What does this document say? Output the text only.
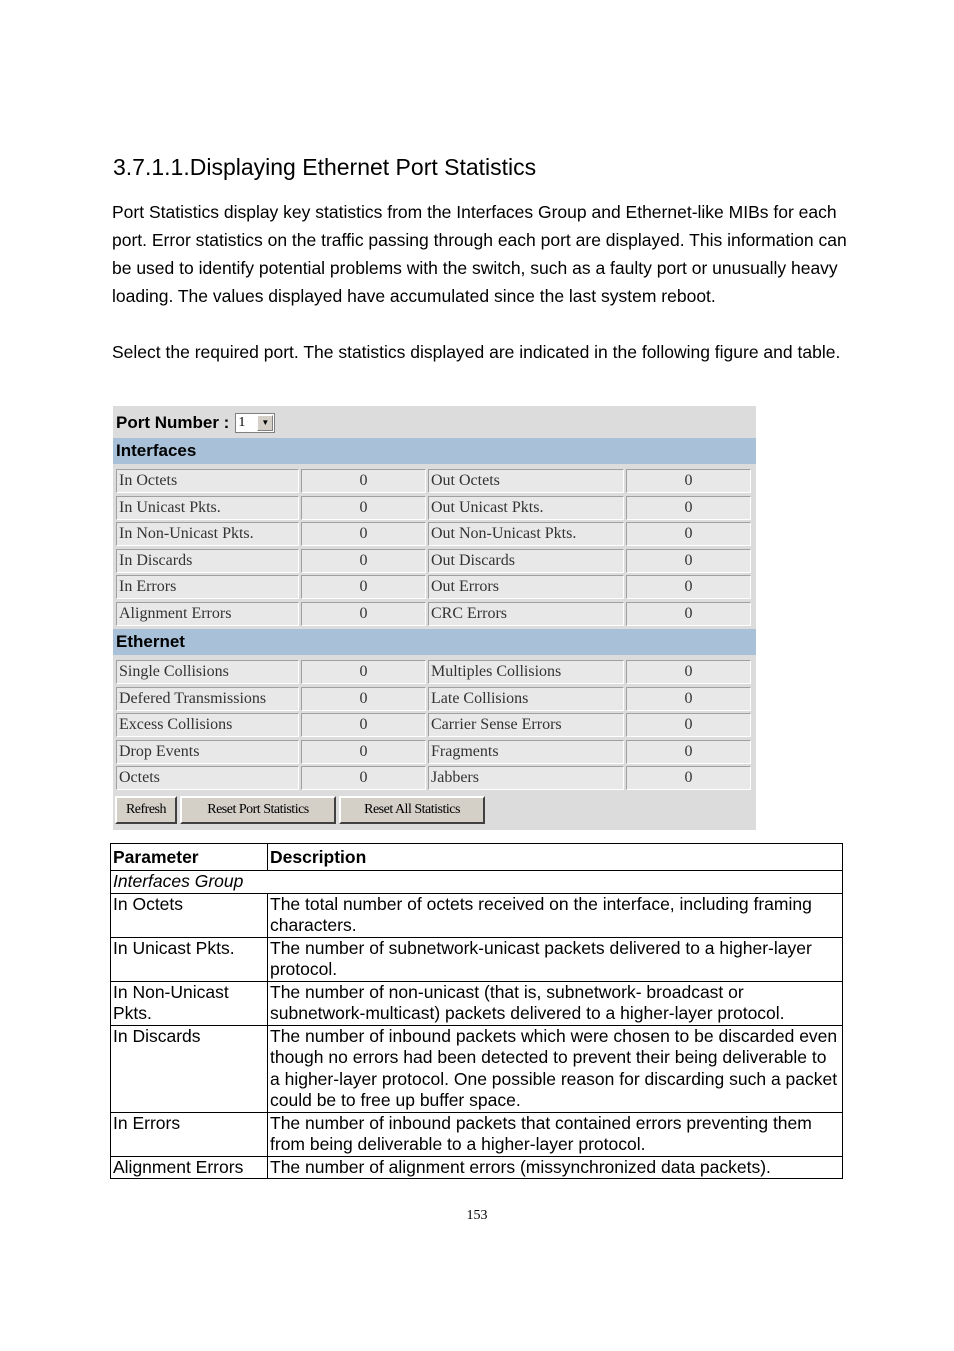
3.7.1.1.Displaying Ethernet Port Statistics

Port Statistics display key statistics from the Interfaces Group and Ethernet-like MIBs for each port. Error statistics on the traffic passing through each port are displayed. This information can be used to identify potential problems with the switch, such as a faulty port or unusually heavy loading. The values displayed have accumulated since the last system reboot.

Select the required port. The statistics displayed are indicated in the following figure and table.

Port Number : 1	▼
Interfaces
In Octets	0	Out Octets	0
In Unicast Pkts.	0	Out Unicast Pkts.	0
In Non-Unicast Pkts.	0	Out Non-Unicast Pkts.	0
In Discards	0	Out Discards	0
In Errors	0	Out Errors	0
Alignment Errors	0	CRC Errors	0
Ethernet
Single Collisions	0	Multiples Collisions	0
Defered Transmissions	0	Late Collisions	0
Excess Collisions	0	Carrier Sense Errors	0
Drop Events	0	Fragments	0
Octets	0	Jabbers	0
Refresh	Reset Port Statistics	Reset All Statistics
Parameter	Description
Interfaces Group	
In Octets	The total number of octets received on the interface, including framing characters.
In Unicast Pkts.	The number of subnetwork-unicast packets delivered to a higher-layer protocol.
In Non-Unicast Pkts.	The number of non-unicast (that is, subnetwork- broadcast or subnetwork-multicast) packets delivered to a higher-layer protocol.
In Discards	The number of inbound packets which were chosen to be discarded even though no errors had been detected to prevent their being deliverable to a higher-layer protocol. One possible reason for discarding such a packet could be to free up buffer space.
In Errors	The number of inbound packets that contained errors preventing them from being deliverable to a higher-layer protocol.
Alignment Errors	The number of alignment errors (missynchronized data packets).
153
